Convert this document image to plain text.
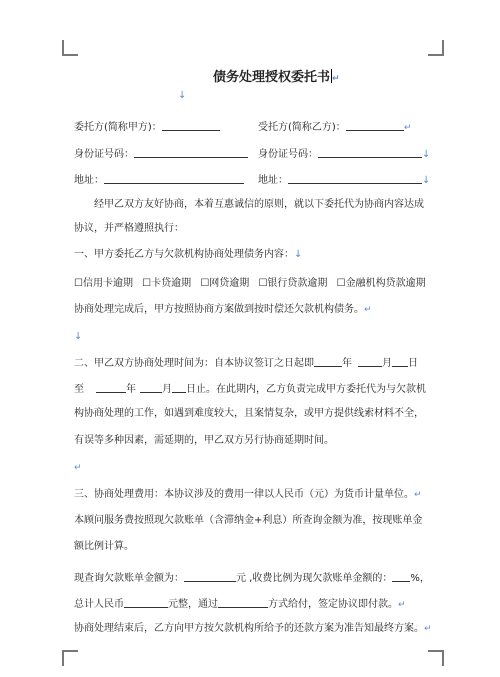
债务处理授权委托书 ↵
↓
委托方(简称甲方)：	受托方(简称乙方)：	↵
身份证号码：	身份证号码：	↓
地址：	地址：	↓
经甲乙双方友好协商，本着互惠诚信的原则，就以下委托代为协商内容达成
协议，并严格遵照执行：
一、甲方委托乙方与欠款机构协商处理债务内容：↓
☐信用卡逾期 ☐卡贷逾期 ☐网贷逾期 ☐银行贷款逾期 ☐金融机构贷款逾期
协商处理完成后，甲方按照协商方案做到按时偿还欠款机构债务。↵
↓
二、甲乙双方协商处理时间为：自本协议签订之日起即	年	月 日
至	年	月 日止。在此期内，乙方负责完成甲方委托代为与欠款机
构协商处理的工作，如遇到难度较大，且案情复杂，或甲方提供线索材料不全，
有误等多种因素，需延期的，甲乙双方另行协商延期时间。
↵
三、协商处理费用：本协议涉及的费用一律以人民币（元）为货币计量单位。↵
本顾问服务费按照现欠款账单（含滞纳金+利息）所查询金额为准，按现账单金
额比例计算。
现查询欠款账单金额为：	元 ,收费比例为现欠款账单金额的： %，
总计人民币	元整，通过	方式给付，签定协议即付款。↵
协商处理结束后，乙方向甲方按欠款机构所给予的还款方案为准告知最终方案。↵
